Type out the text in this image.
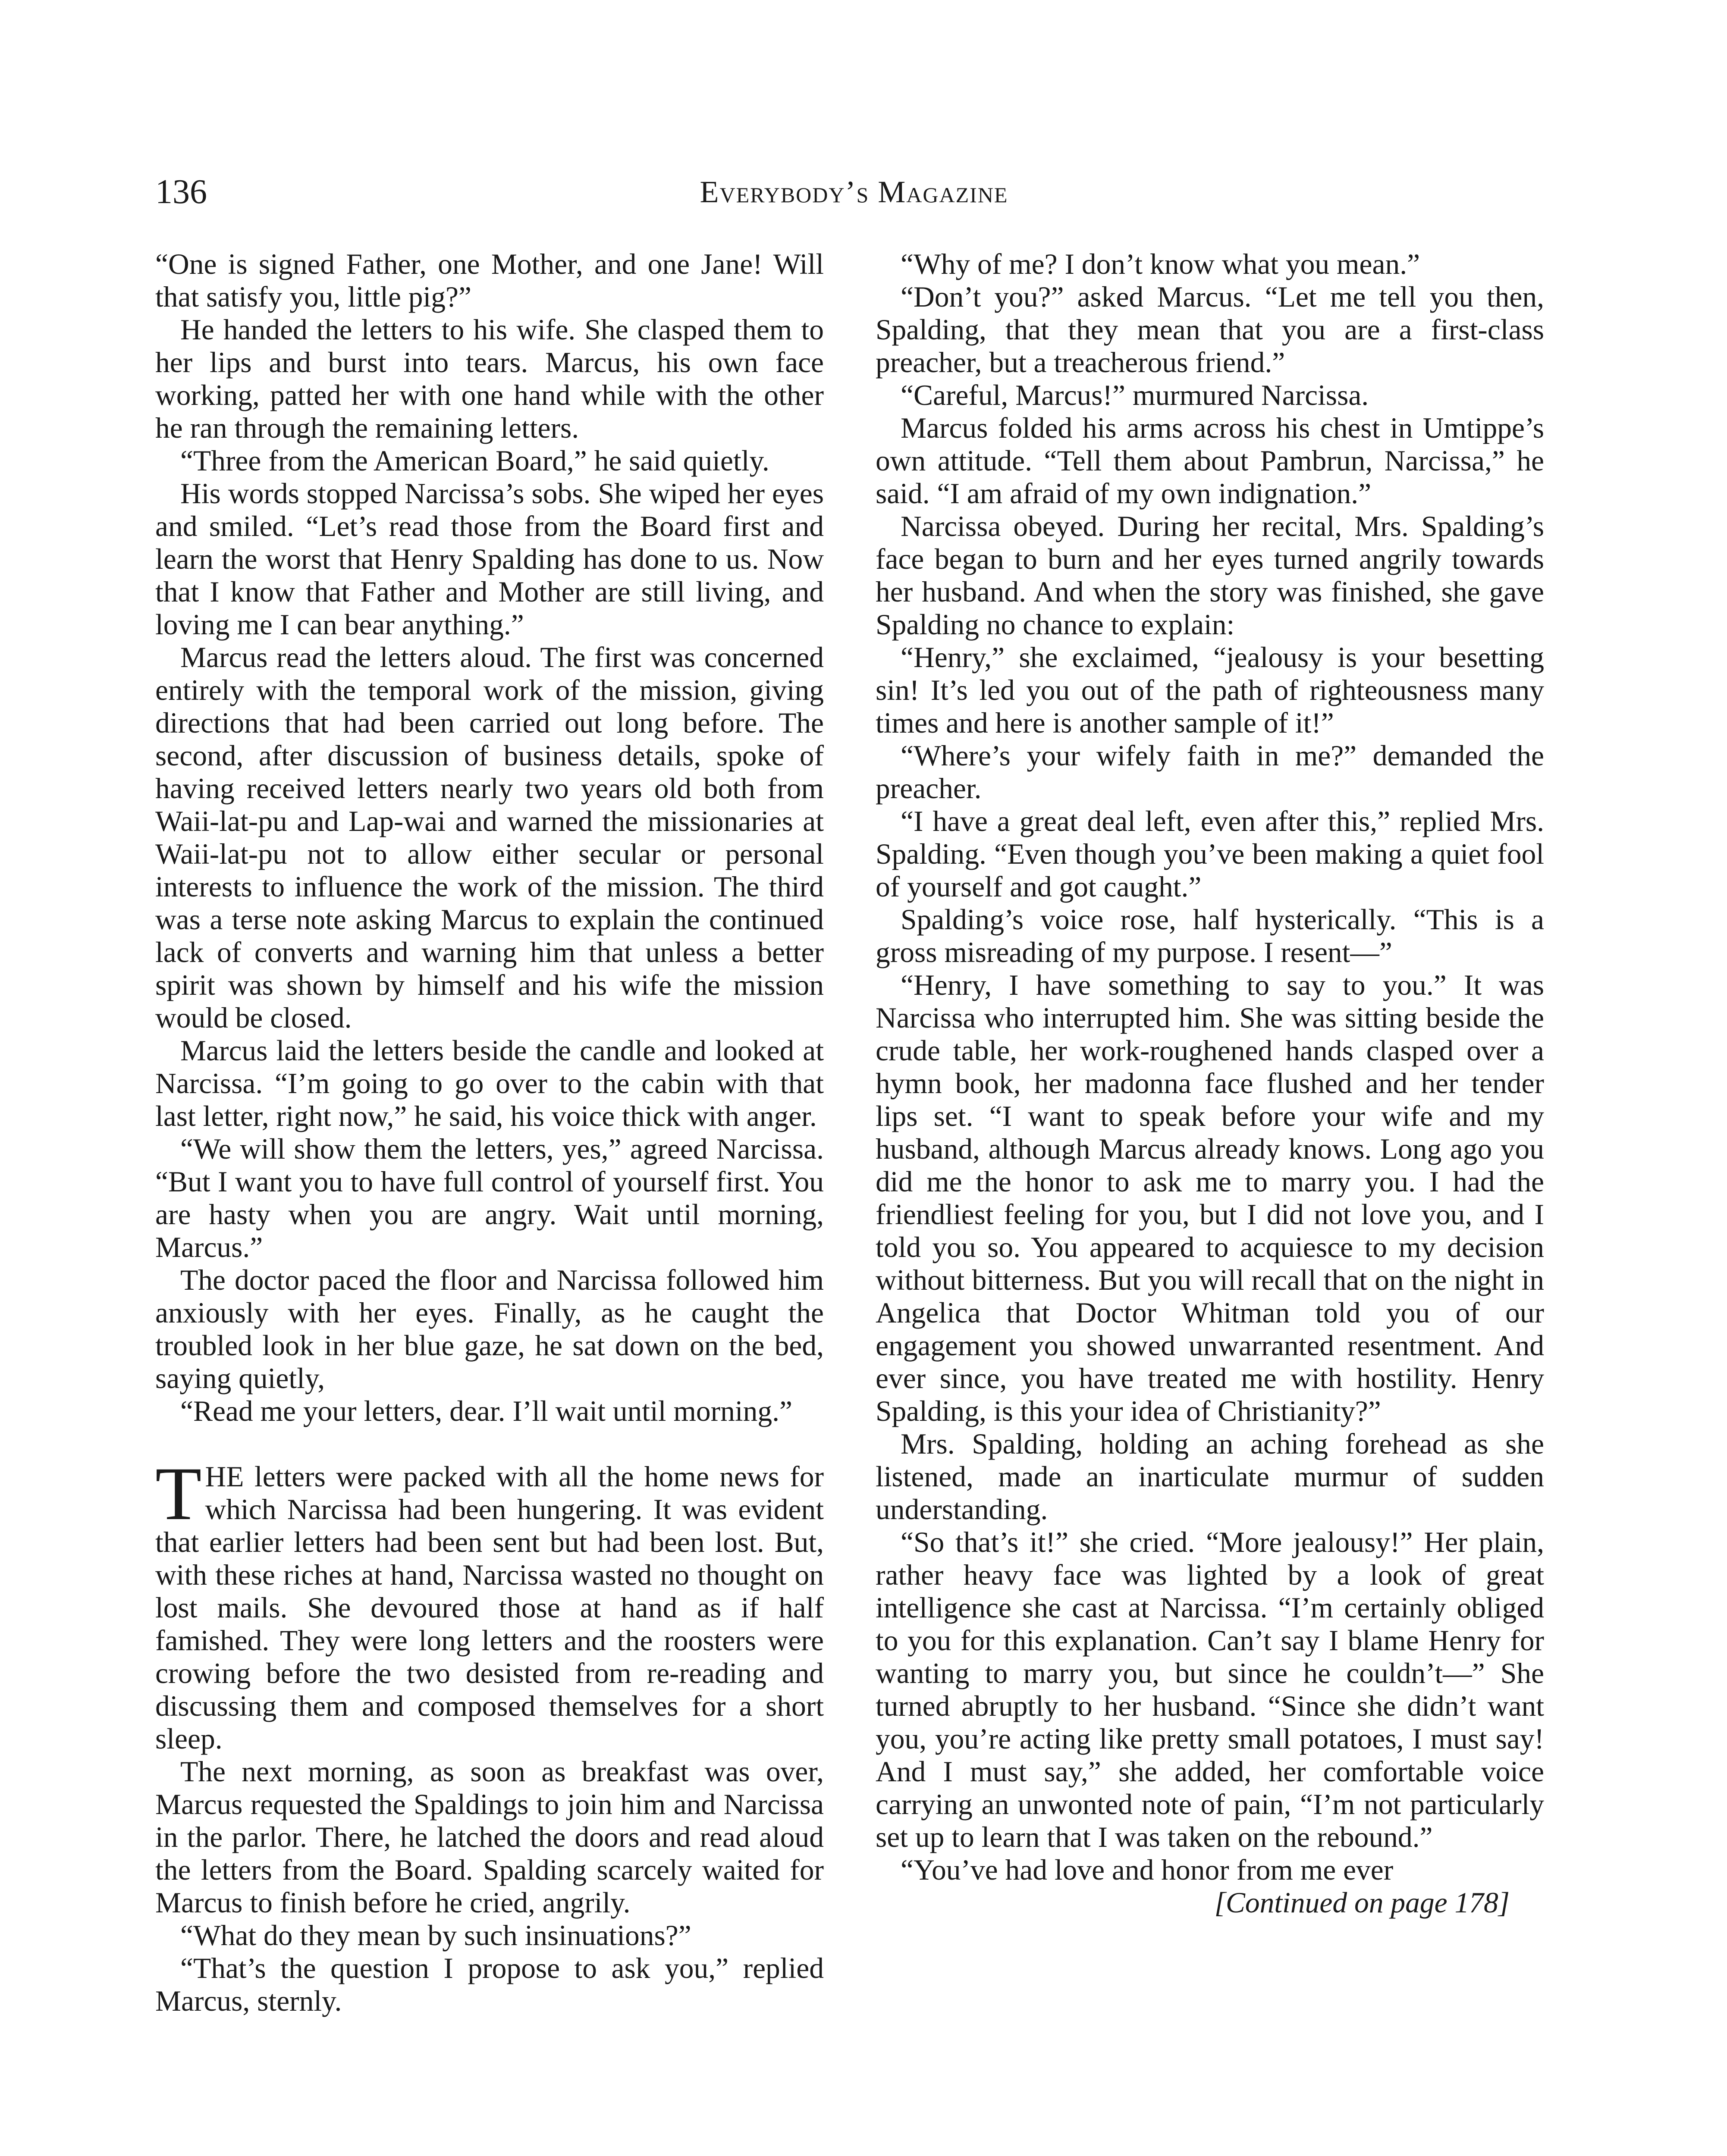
136	Everybody’s Magazine

“One is signed Father, one Mother, and one Jane! Will that satisfy you, little pig?”

He handed the letters to his wife. She clasped them to her lips and burst into tears. Marcus, his own face working, patted her with one hand while with the other he ran through the remaining letters.

“Three from the American Board,” he said quietly.

His words stopped Narcissa’s sobs. She wiped her eyes and smiled. “Let’s read those from the Board first and learn the worst that Henry Spalding has done to us. Now that I know that Father and Mother are still living, and loving me I can bear anything.”

Marcus read the letters aloud. The first was concerned entirely with the temporal work of the mission, giving directions that had been carried out long before. The second, after discussion of business details, spoke of having received letters nearly two years old both from Waii-lat-pu and Lap-wai and warned the missionaries at Waii-lat-pu not to allow either secular or personal interests to influence the work of the mission. The third was a terse note asking Marcus to explain the continued lack of converts and warning him that unless a better spirit was shown by himself and his wife the mission would be closed.

Marcus laid the letters beside the candle and looked at Narcissa. “I’m going to go over to the cabin with that last letter, right now,” he said, his voice thick with anger.

“We will show them the letters, yes,” agreed Narcissa. “But I want you to have full control of yourself first. You are hasty when you are angry. Wait until morning, Marcus.”

The doctor paced the floor and Narcissa followed him anxiously with her eyes. Finally, as he caught the troubled look in her blue gaze, he sat down on the bed, saying quietly,

“Read me your letters, dear. I’ll wait until morning.”

THE letters were packed with all the home news for which Narcissa had been hungering. It was evident that earlier letters had been sent but had been lost. But, with these riches at hand, Narcissa wasted no thought on lost mails. She devoured those at hand as if half famished. They were long letters and the roosters were crowing before the two desisted from re-reading and discussing them and composed themselves for a short sleep.

The next morning, as soon as breakfast was over, Marcus requested the Spaldings to join him and Narcissa in the parlor. There, he latched the doors and read aloud the letters from the Board. Spalding scarcely waited for Marcus to finish before he cried, angrily.

“What do they mean by such insinuations?”

“That’s the question I propose to ask you,” replied Marcus, sternly.

“Why of me? I don’t know what you mean.”

“Don’t you?” asked Marcus. “Let me tell you then, Spalding, that they mean that you are a first-class preacher, but a treacherous friend.”

“Careful, Marcus!” murmured Narcissa.

Marcus folded his arms across his chest in Umtippe’s own attitude. “Tell them about Pambrun, Narcissa,” he said. “I am afraid of my own indignation.”

Narcissa obeyed. During her recital, Mrs. Spalding’s face began to burn and her eyes turned angrily towards her husband. And when the story was finished, she gave Spalding no chance to explain:

“Henry,” she exclaimed, “jealousy is your besetting sin! It’s led you out of the path of righteousness many times and here is another sample of it!”

“Where’s your wifely faith in me?” demanded the preacher.

“I have a great deal left, even after this,” replied Mrs. Spalding. “Even though you’ve been making a quiet fool of yourself and got caught.”

Spalding’s voice rose, half hysterically. “This is a gross misreading of my purpose. I resent—”

“Henry, I have something to say to you.” It was Narcissa who interrupted him. She was sitting beside the crude table, her work-roughened hands clasped over a hymn book, her madonna face flushed and her tender lips set. “I want to speak before your wife and my husband, although Marcus already knows. Long ago you did me the honor to ask me to marry you. I had the friendliest feeling for you, but I did not love you, and I told you so. You appeared to acquiesce to my decision without bitterness. But you will recall that on the night in Angelica that Doctor Whitman told you of our engagement you showed unwarranted resentment. And ever since, you have treated me with hostility. Henry Spalding, is this your idea of Christianity?”

Mrs. Spalding, holding an aching forehead as she listened, made an inarticulate murmur of sudden understanding.

“So that’s it!” she cried. “More jealousy!” Her plain, rather heavy face was lighted by a look of great intelligence she cast at Narcissa. “I’m certainly obliged to you for this explanation. Can’t say I blame Henry for wanting to marry you, but since he couldn’t—” She turned abruptly to her husband. “Since she didn’t want you, you’re acting like pretty small potatoes, I must say! And I must say,” she added, her comfortable voice carrying an unwonted note of pain, “I’m not particularly set up to learn that I was taken on the rebound.”

“You’ve had love and honor from me ever

[Continued on page 178]
